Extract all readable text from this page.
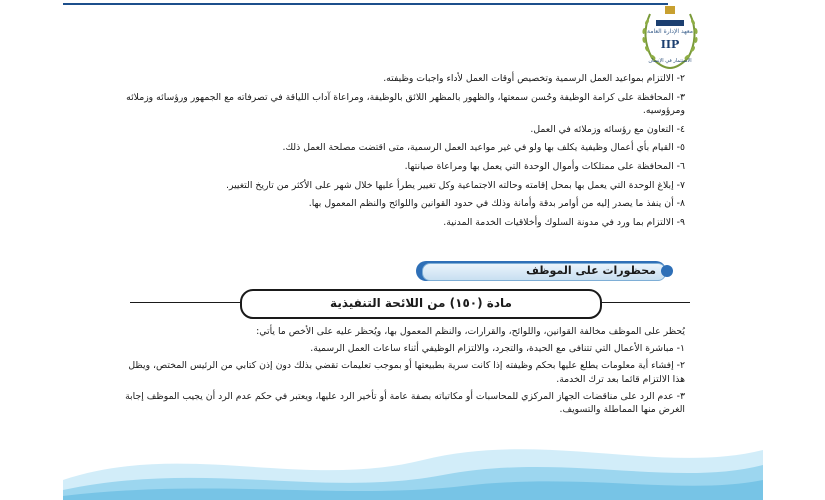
معهد الإدارة العامة
IIP
الاستثمار في الإنسان

٢- الالتزام بمواعيد العمل الرسمية وتخصيص أوقات العمل لأداء واجبات وظيفته.

٣- المحافظة على كرامة الوظيفة وحُسن سمعتها، والظهور بالمظهر اللائق بالوظيفة، ومراعاة آداب اللياقة في تصرفاته مع الجمهور ورؤسائه وزملائه ومرؤوسيه.

٤- التعاون مع رؤسائه وزملائه في العمل.

٥- القيام بأي أعمال وظيفية يكلف بها ولو في غير مواعيد العمل الرسمية، متى اقتضت مصلحة العمل ذلك.

٦- المحافظة على ممتلكات وأموال الوحدة التي يعمل بها ومراعاة صيانتها.

٧- إبلاغ الوحدة التي يعمل بها بمحل إقامته وحالته الاجتماعية وكل تغيير يطرأ عليها خلال شهر على الأكثر من تاريخ التغيير.

٨- أن ينفذ ما يصدر إليه من أوامر بدقة وأمانة وذلك في حدود القوانين واللوائح والنظم المعمول بها.

٩- الالتزام بما ورد في مدونة السلوك وأخلاقيات الخدمة المدنية.

محظورات على الموظف
مادة (١٥٠) من اللائحة التنفيذية

يُحظر على الموظف مخالفة القوانين، واللوائح، والقرارات، والنظم المعمول بها، ويُحظر عليه على الأخص ما يأتي:

١- مباشرة الأعمال التي تتنافى مع الحيدة، والتجرد، والالتزام الوظيفي أثناء ساعات العمل الرسمية.

٢- إفشاء أية معلومات يطلع عليها بحكم وظيفته إذا كانت سرية بطبيعتها أو بموجب تعليمات تقضي بذلك دون إذن كتابي من الرئيس المختص، ويظل هذا الالتزام قائما بعد ترك الخدمة.

٣- عدم الرد على مناقضات الجهاز المركزي للمحاسبات أو مكاتباته بصفة عامة أو تأخير الرد عليها، ويعتبر في حكم عدم الرد أن يجيب الموظف إجابة الغرض منها المماطلة والتسويف.
